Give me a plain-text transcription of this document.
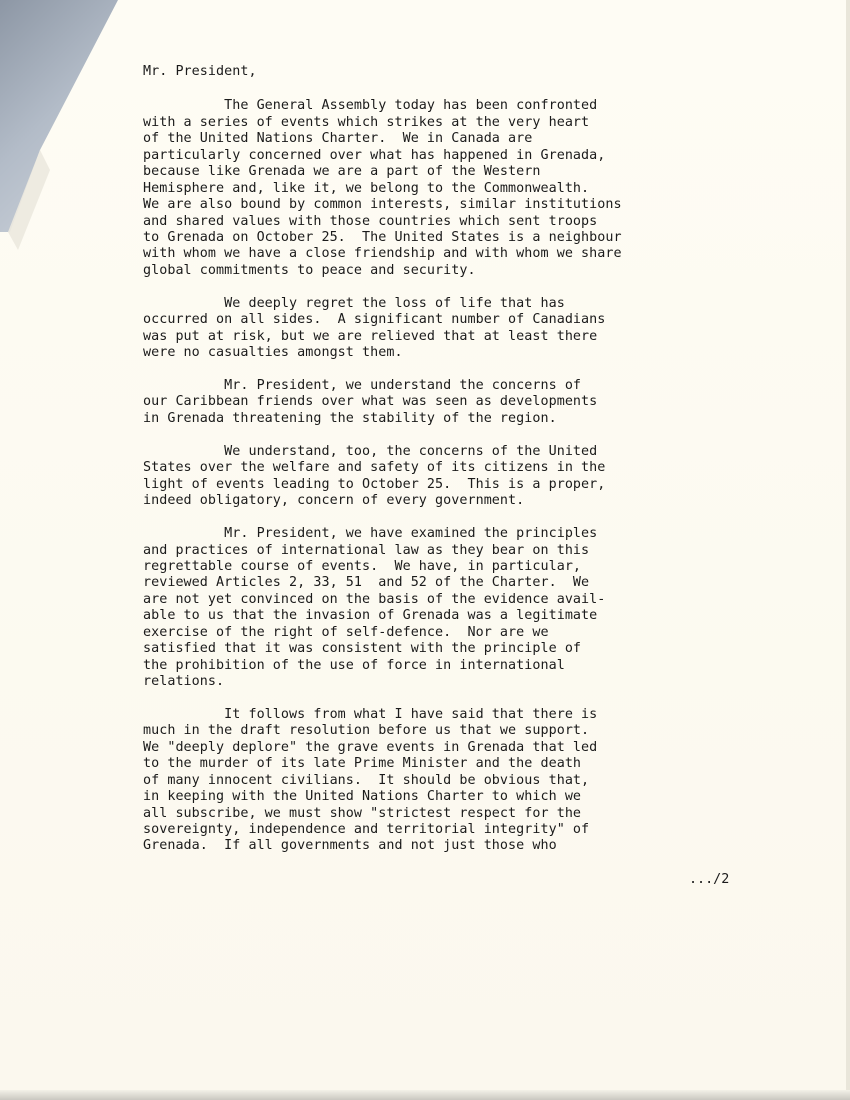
Mr. President,
The General Assembly today has been confronted
with a series of events which strikes at the very heart
of the United Nations Charter.  We in Canada are
particularly concerned over what has happened in Grenada,
because like Grenada we are a part of the Western
Hemisphere and, like it, we belong to the Commonwealth.
We are also bound by common interests, similar institutions
and shared values with those countries which sent troops
to Grenada on October 25.  The United States is a neighbour
with whom we have a close friendship and with whom we share
global commitments to peace and security.
We deeply regret the loss of life that has
occurred on all sides.  A significant number of Canadians
was put at risk, but we are relieved that at least there
were no casualties amongst them.
Mr. President, we understand the concerns of
our Caribbean friends over what was seen as developments
in Grenada threatening the stability of the region.
We understand, too, the concerns of the United
States over the welfare and safety of its citizens in the
light of events leading to October 25.  This is a proper,
indeed obligatory, concern of every government.
Mr. President, we have examined the principles
and practices of international law as they bear on this
regrettable course of events.  We have, in particular,
reviewed Articles 2, 33, 51  and 52 of the Charter.  We
are not yet convinced on the basis of the evidence avail-
able to us that the invasion of Grenada was a legitimate
exercise of the right of self-defence.  Nor are we
satisfied that it was consistent with the principle of
the prohibition of the use of force in international
relations.
It follows from what I have said that there is
much in the draft resolution before us that we support.
We "deeply deplore" the grave events in Grenada that led
to the murder of its late Prime Minister and the death
of many innocent civilians.  It should be obvious that,
in keeping with the United Nations Charter to which we
all subscribe, we must show "strictest respect for the
sovereignty, independence and territorial integrity" of
Grenada.  If all governments and not just those who
.../2
